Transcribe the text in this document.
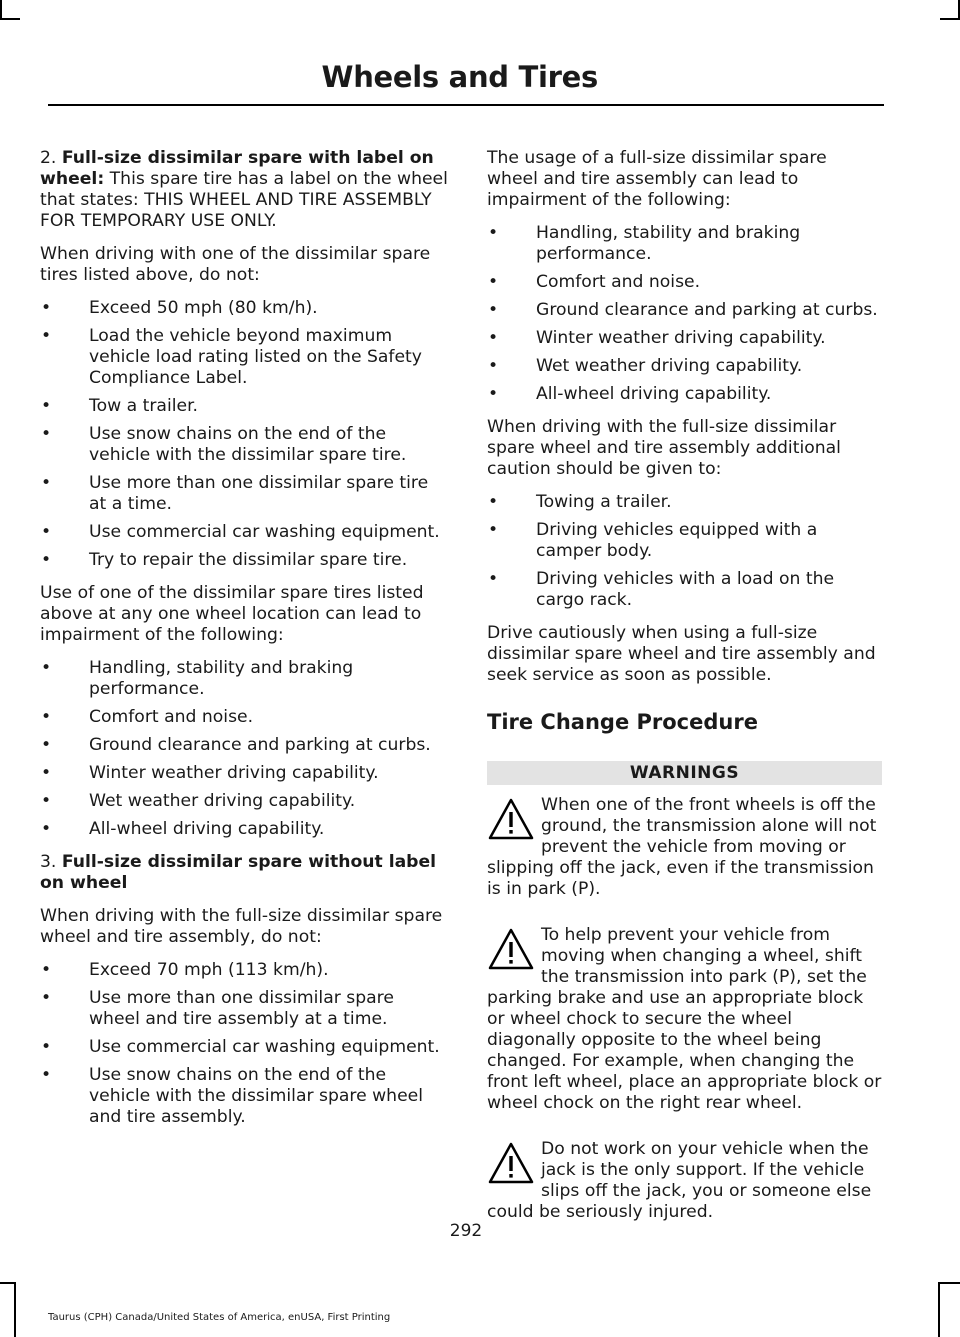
Wheels and Tires

2. Full-size dissimilar spare with label on wheel: This spare tire has a label on the wheel that states: THIS WHEEL AND TIRE ASSEMBLY FOR TEMPORARY USE ONLY.

When driving with one of the dissimilar spare tires listed above, do not:

• Exceed 50 mph (80 km/h).
• Load the vehicle beyond maximum vehicle load rating listed on the Safety Compliance Label.
• Tow a trailer.
• Use snow chains on the end of the vehicle with the dissimilar spare tire.
• Use more than one dissimilar spare tire at a time.
• Use commercial car washing equipment.
• Try to repair the dissimilar spare tire.

Use of one of the dissimilar spare tires listed above at any one wheel location can lead to impairment of the following:

• Handling, stability and braking performance.
• Comfort and noise.
• Ground clearance and parking at curbs.
• Winter weather driving capability.
• Wet weather driving capability.
• All-wheel driving capability.

3. Full-size dissimilar spare without label on wheel

When driving with the full-size dissimilar spare wheel and tire assembly, do not:

• Exceed 70 mph (113 km/h).
• Use more than one dissimilar spare wheel and tire assembly at a time.
• Use commercial car washing equipment.
• Use snow chains on the end of the vehicle with the dissimilar spare wheel and tire assembly.

The usage of a full-size dissimilar spare wheel and tire assembly can lead to impairment of the following:

• Handling, stability and braking performance.
• Comfort and noise.
• Ground clearance and parking at curbs.
• Winter weather driving capability.
• Wet weather driving capability.
• All-wheel driving capability.

When driving with the full-size dissimilar spare wheel and tire assembly additional caution should be given to:

• Towing a trailer.
• Driving vehicles equipped with a camper body.
• Driving vehicles with a load on the cargo rack.

Drive cautiously when using a full-size dissimilar spare wheel and tire assembly and seek service as soon as possible.

Tire Change Procedure
WARNINGS
When one of the front wheels is off the ground, the transmission alone will not prevent the vehicle from moving or slipping off the jack, even if the transmission is in park (P).
To help prevent your vehicle from moving when changing a wheel, shift the transmission into park (P), set the parking brake and use an appropriate block or wheel chock to secure the wheel diagonally opposite to the wheel being changed. For example, when changing the front left wheel, place an appropriate block or wheel chock on the right rear wheel.
Do not work on your vehicle when the jack is the only support. If the vehicle slips off the jack, you or someone else could be seriously injured.
292
Taurus (CPH) Canada/United States of America, enUSA, First Printing
